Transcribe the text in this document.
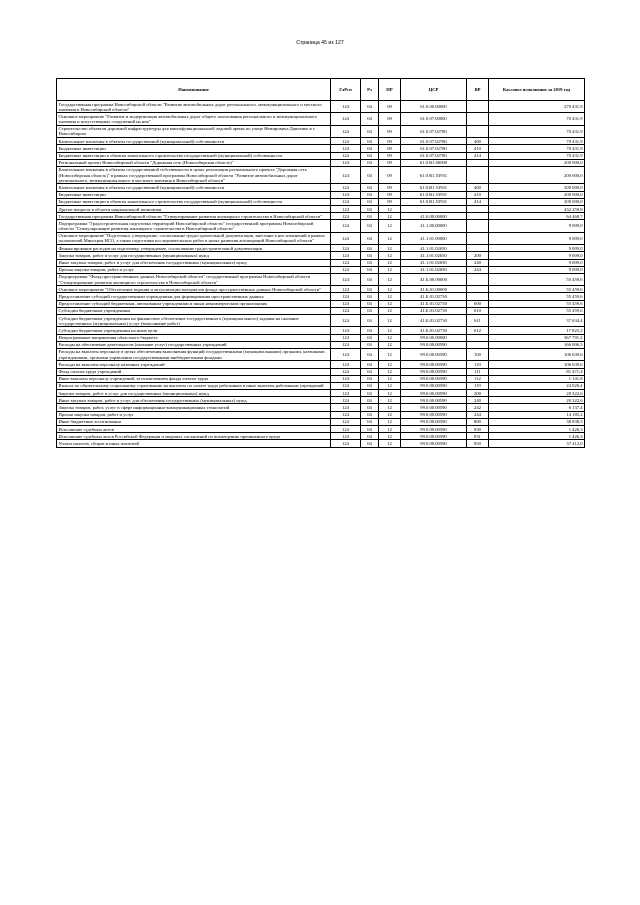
Страница 45 из 127
Наименование	ГлРсп	Рз	ПР	ЦСР	ВР	Кассовое исполнение за 2019 год
Государственная программа Новосибирской области "Развитие автомобильных дорог регионального, межмуниципального и местного значения в Новосибирской области"	124	04	09	61.0.00.00000		270 431,9
Основное мероприятие "Развитие и модернизация автомобильных дорог общего пользования регионального и межмуниципального значения и искусственных сооружений на них"	124	04	09	61.0.07.00000		70 431,9
Строительство объектов дорожной инфраструктуры для многофункциональной ледовой арены по улице Немировича Данченко в г. Новосибирске	124	04	09	61.0.07.02780		70 431,9
Капитальные вложения в объекты государственной (муниципальной) собственности	124	04	09	61.0.07.02780	400	70 431,9
Бюджетные инвестиции	124	04	09	61.0.07.02780	410	70 431,9
Бюджетные инвестиции в объекты капитального строительства государственной (муниципальной) собственности	124	04	09	61.0.07.02780	414	70 431,9
Региональный проект Новосибирской области "Дорожная сеть (Новосибирская область)"	124	04	09	61.0.R1.00000		200 000,0
Капитальные вложения в объекты государственной собственности в целях реализации регионального проекта "Дорожная сеть (Новосибирская область)" в рамках государственной программы Новосибирской области "Развитие автомобильных дорог регионального, межмуниципального и местного значения в Новосибирской области"	124	04	09	61.0.R1.53931		200 000,0
Капитальные вложения в объекты государственной (муниципальной) собственности	124	04	09	61.0.R1.53931	400	200 000,0
Бюджетные инвестиции	124	04	09	61.0.R1.53931	410	200 000,0
Бюджетные инвестиции в объекты капитального строительства государственной (муниципальной) собственности	124	04	09	61.0.R1.53931	414	200 000,0
Другие вопросы в области национальной экономики	124	04	12			432 259,8
Государственная программа Новосибирской области "Стимулирование развития жилищного строительства в Новосибирской области"	124	04	12	41.0.00.00000		64 468,7
Подпрограмма "Градостроительная подготовка территорий Новосибирской области" государственной программы Новосибирской области "Стимулирование развития жилищного строительства в Новосибирской области"	124	04	12	41.1.00.00000		9 009,0
Основное мероприятие "Подготовка, утверждение, согласование градостроительной документации, внесение в нее изменений в рамках полномочий Минстроя НСО, а также подготовка исследовательских работ в целях развития агломераций Новосибирской области"	124	04	12	41.1.01.00000		9 009,0
Финансирование расходов на подготовку, утверждение, согласование градостроительной документации	124	04	12	41.1.01.02650		9 009,0
Закупка товаров, работ и услуг для государственных (муниципальных) нужд	124	04	12	41.1.01.02650	200	9 009,0
Иные закупки товаров, работ и услуг для обеспечения государственных (муниципальных) нужд	124	04	12	41.1.01.02650	240	9 009,0
Прочая закупка товаров, работ и услуг	124	04	12	41.1.01.02650	244	9 009,0
Подпрограмма "Фонд пространственных данных Новосибирской области" государственной программы Новосибирской области "Стимулирование развития жилищного строительства в Новосибирской области"	124	04	12	41.Б.00.00000		55 459,6
Основное мероприятие "Обеспечение ведения и актуализации материалов фонда пространственных данных Новосибирской области"	124	04	12	41.Б.01.00000		55 459,6
Предоставление субсидий государственным учреждениям для формирования пространственных данных	124	04	12	41.Б.01.02730		55 459,6
Предоставление субсидий бюджетным, автономным учреждениям и иным некоммерческим организациям	124	04	12	41.Б.01.02730	600	55 459,6
Субсидии бюджетным учреждениям	124	04	12	41.Б.01.02730	610	55 459,6
Субсидии бюджетным учреждениям на финансовое обеспечение государственного (муниципального) задания на оказание государственных (муниципальных) услуг (выполнение работ)	124	04	12	41.Б.01.02730	611	37 634,4
Субсидии бюджетным учреждениям на иные цели	124	04	12	41.Б.01.02730	612	17 825,2
Непрограммные направления областного бюджета	124	04	12	99.0.00.00000		367 791,2
Расходы на обеспечение деятельности (оказание услуг) государственных учреждений	124	04	12	99.0.00.00590		166 006,5
Расходы на выплаты персоналу в целях обеспечения выполнения функций государственными (муниципальными) органами, казенными учреждениями, органами управления государственными внебюджетными фондами	124	04	12	99.0.00.00590	100	106 639,6
Расходы на выплаты персоналу казенных учреждений	124	04	12	99.0.00.00590	110	106 639,6
Фонд оплаты труда учреждений	124	04	12	99.0.00.00590	111	81 471,4
Иные выплаты персоналу учреждений, за исключением фонда оплаты труда	124	04	12	99.0.00.00590	112	1 141,8
Взносы по обязательному социальному страхованию на выплаты по оплате труда работников и иные выплаты работникам учреждений	124	04	12	99.0.00.00590	119	24 026,4
Закупка товаров, работ и услуг для государственных (муниципальных) нужд	124	04	12	99.0.00.00590	200	20 322,6
Иные закупки товаров, работ и услуг для обеспечения государственных (муниципальных) нужд	124	04	12	99.0.00.00590	240	20 322,6
Закупка товаров, работ, услуг в сфере информационно-коммуникационных технологий	124	04	12	99.0.00.00590	242	6 137,4
Прочая закупка товаров, работ и услуг	124	04	12	99.0.00.00590	244	14 185,2
Иные бюджетные ассигнования	124	04	12	99.0.00.00590	800	38 838,3
Исполнение судебных актов	124	04	12	99.0.00.00590	830	1 426,3
Исполнение судебных актов Российской Федерации и мировых соглашений по возмещению причиненного вреда	124	04	12	99.0.00.00590	831	1 426,3
Уплата налогов, сборов и иных платежей	124	04	12	99.0.00.00590	850	37 412,0
